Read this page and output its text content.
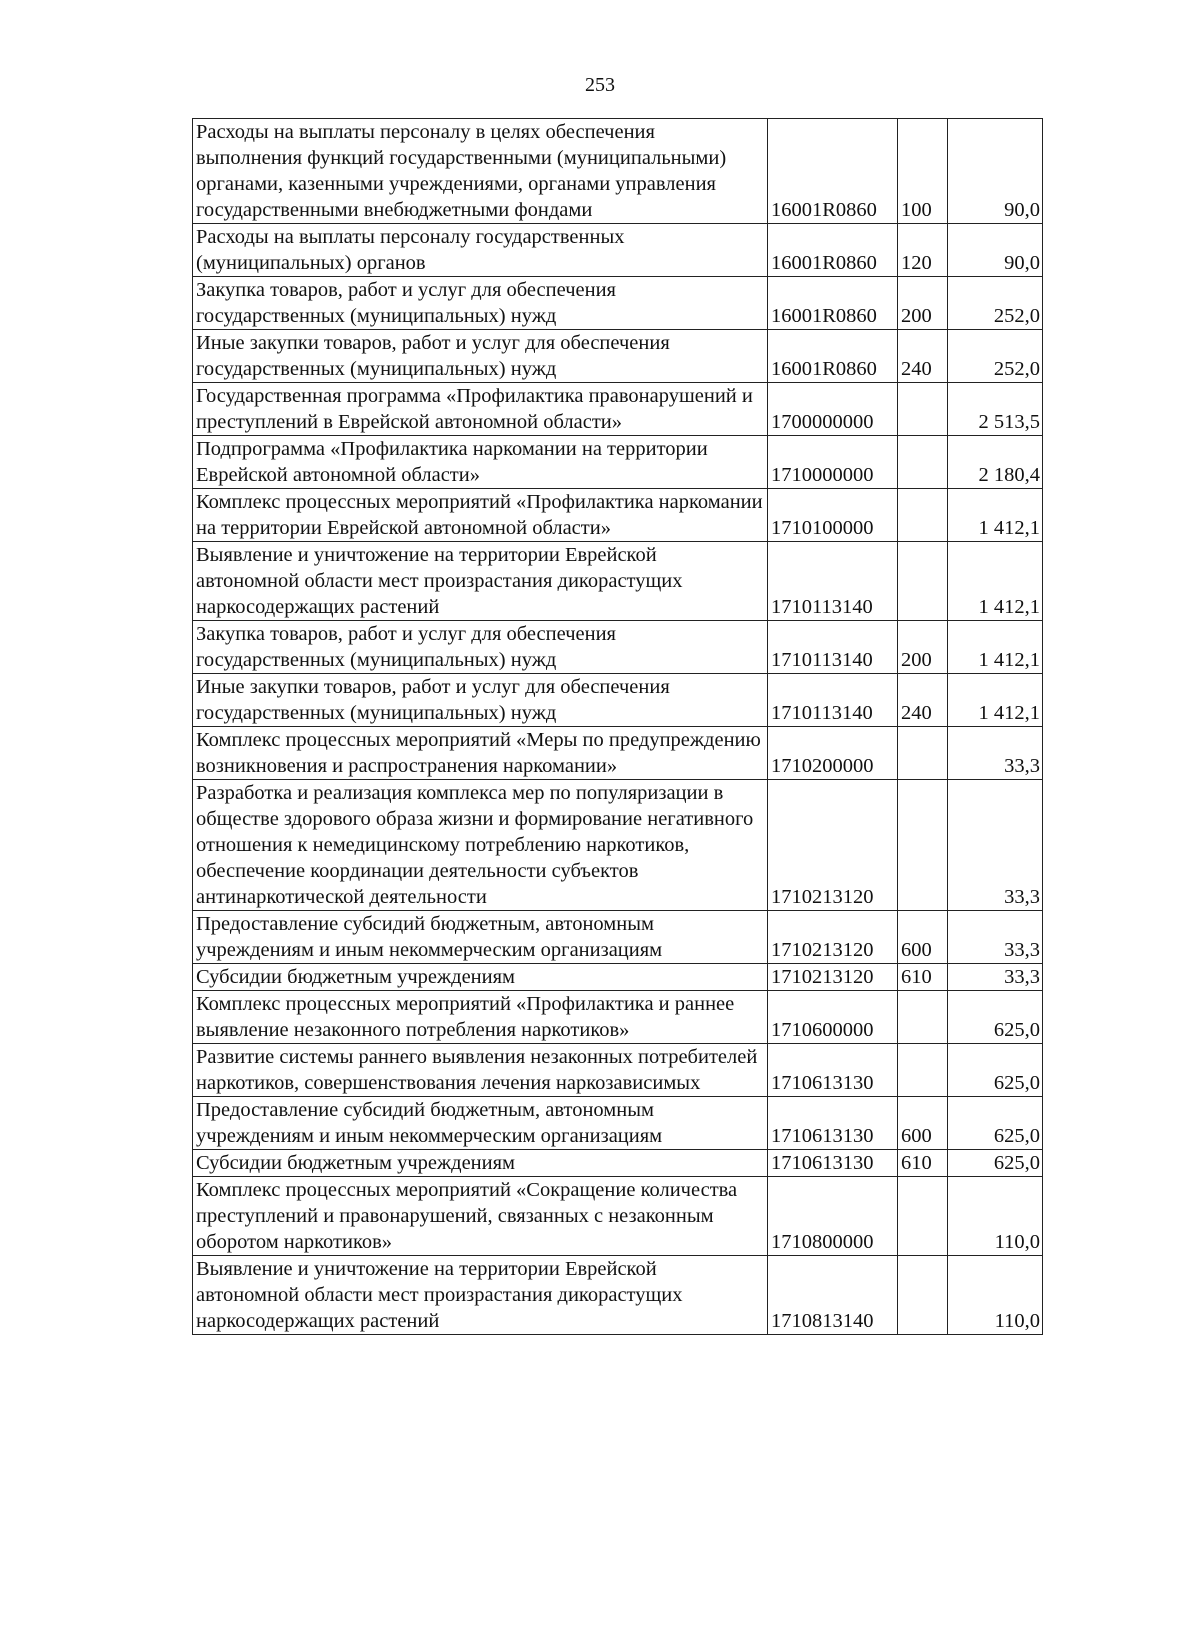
253
Расходы на выплаты персоналу в целях обеспечения выполнения функций государственными (муниципальными) органами, казенными учреждениями, органами управления государственными внебюджетными фондами	16001R0860	100	90,0
Расходы на выплаты персоналу государственных (муниципальных) органов	16001R0860	120	90,0
Закупка товаров, работ и услуг для обеспечения государственных (муниципальных) нужд	16001R0860	200	252,0
Иные закупки товаров, работ и услуг для обеспечения государственных (муниципальных) нужд	16001R0860	240	252,0
Государственная программа «Профилактика правонарушений и преступлений в Еврейской автономной области»	1700000000		2 513,5
Подпрограмма «Профилактика наркомании на территории Еврейской автономной области»	1710000000		2 180,4
Комплекс процессных мероприятий «Профилактика наркомании на территории Еврейской автономной области»	1710100000		1 412,1
Выявление и уничтожение на территории Еврейской автономной области мест произрастания дикорастущих наркосодержащих растений	1710113140		1 412,1
Закупка товаров, работ и услуг для обеспечения государственных (муниципальных) нужд	1710113140	200	1 412,1
Иные закупки товаров, работ и услуг для обеспечения государственных (муниципальных) нужд	1710113140	240	1 412,1
Комплекс процессных мероприятий «Меры по предупреждению возникновения и распространения наркомании»	1710200000		33,3
Разработка и реализация комплекса мер по популяризации в обществе здорового образа жизни и формирование негативного отношения к немедицинскому потреблению наркотиков, обеспечение координации деятельности субъектов антинаркотической деятельности	1710213120		33,3
Предоставление субсидий бюджетным, автономным учреждениям и иным некоммерческим организациям	1710213120	600	33,3
Субсидии бюджетным учреждениям	1710213120	610	33,3
Комплекс процессных мероприятий «Профилактика и раннее выявление незаконного потребления наркотиков»	1710600000		625,0
Развитие системы раннего выявления незаконных потребителей наркотиков, совершенствования лечения наркозависимых	1710613130		625,0
Предоставление субсидий бюджетным, автономным учреждениям и иным некоммерческим организациям	1710613130	600	625,0
Субсидии бюджетным учреждениям	1710613130	610	625,0
Комплекс процессных мероприятий «Сокращение количества преступлений и правонарушений, связанных с незаконным оборотом наркотиков»	1710800000		110,0
Выявление и уничтожение на территории Еврейской автономной области мест произрастания дикорастущих наркосодержащих растений	1710813140		110,0
